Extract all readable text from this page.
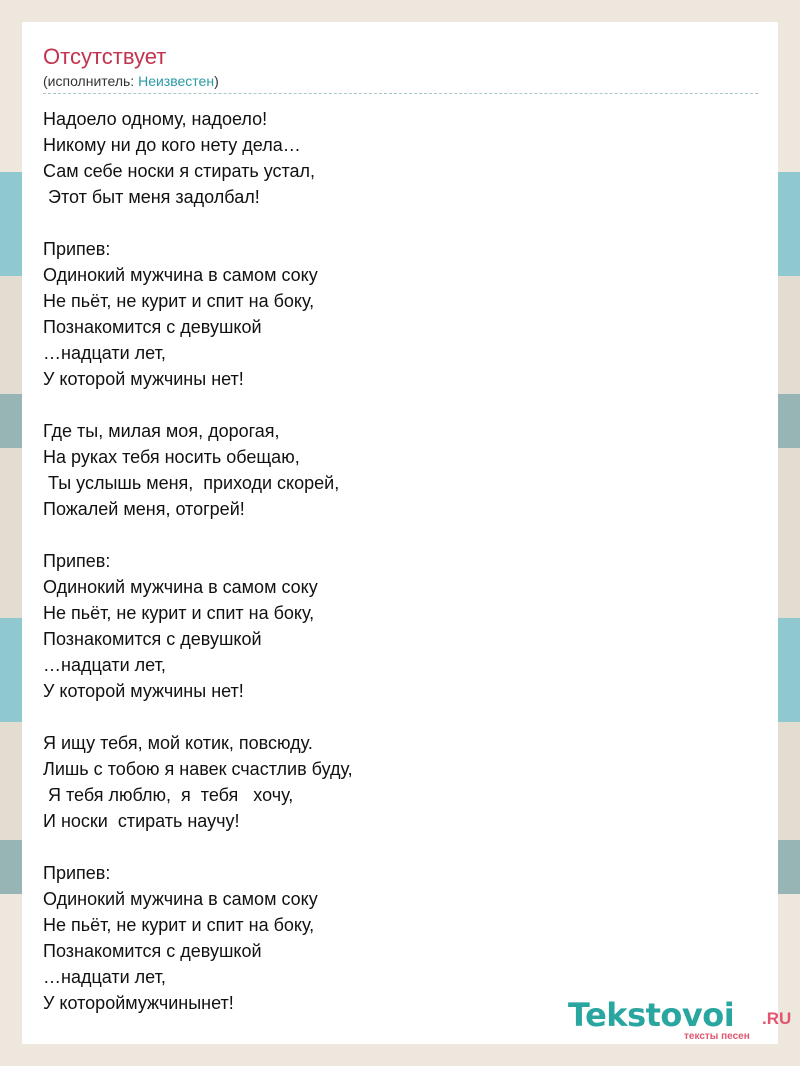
Отсутствует
(исполнитель: Неизвестен)
Надоело одному, надоело!
Никому ни до кого нету дела…
Сам себе носки я стирать устал,
Этот быт меня задолбал!
Припев:
Одинокий мужчина в самом соку
Не пьёт, не курит и спит на боку,
Познакомится с девушкой
…надцати лет,
У которой мужчины нет!
Где ты, милая моя, дорогая,
На руках тебя носить обещаю,
Ты услышь меня,  приходи скорей,
Пожалей меня, отогрей!
Припев:
Одинокий мужчина в самом соку
Не пьёт, не курит и спит на боку,
Познакомится с девушкой
…надцати лет,
У которой мужчины нет!
Я ищу тебя, мой котик, повсюду.
Лишь с тобою я навек счастлив буду,
Я тебя люблю,  я  тебя   хочу,
И носки  стирать научу!
Припев:
Одинокий мужчина в самом соку
Не пьёт, не курит и спит на боку,
Познакомится с девушкой
…надцати лет,
У котороймужчинынет!	Tekstovoi .RU
тексты песен
